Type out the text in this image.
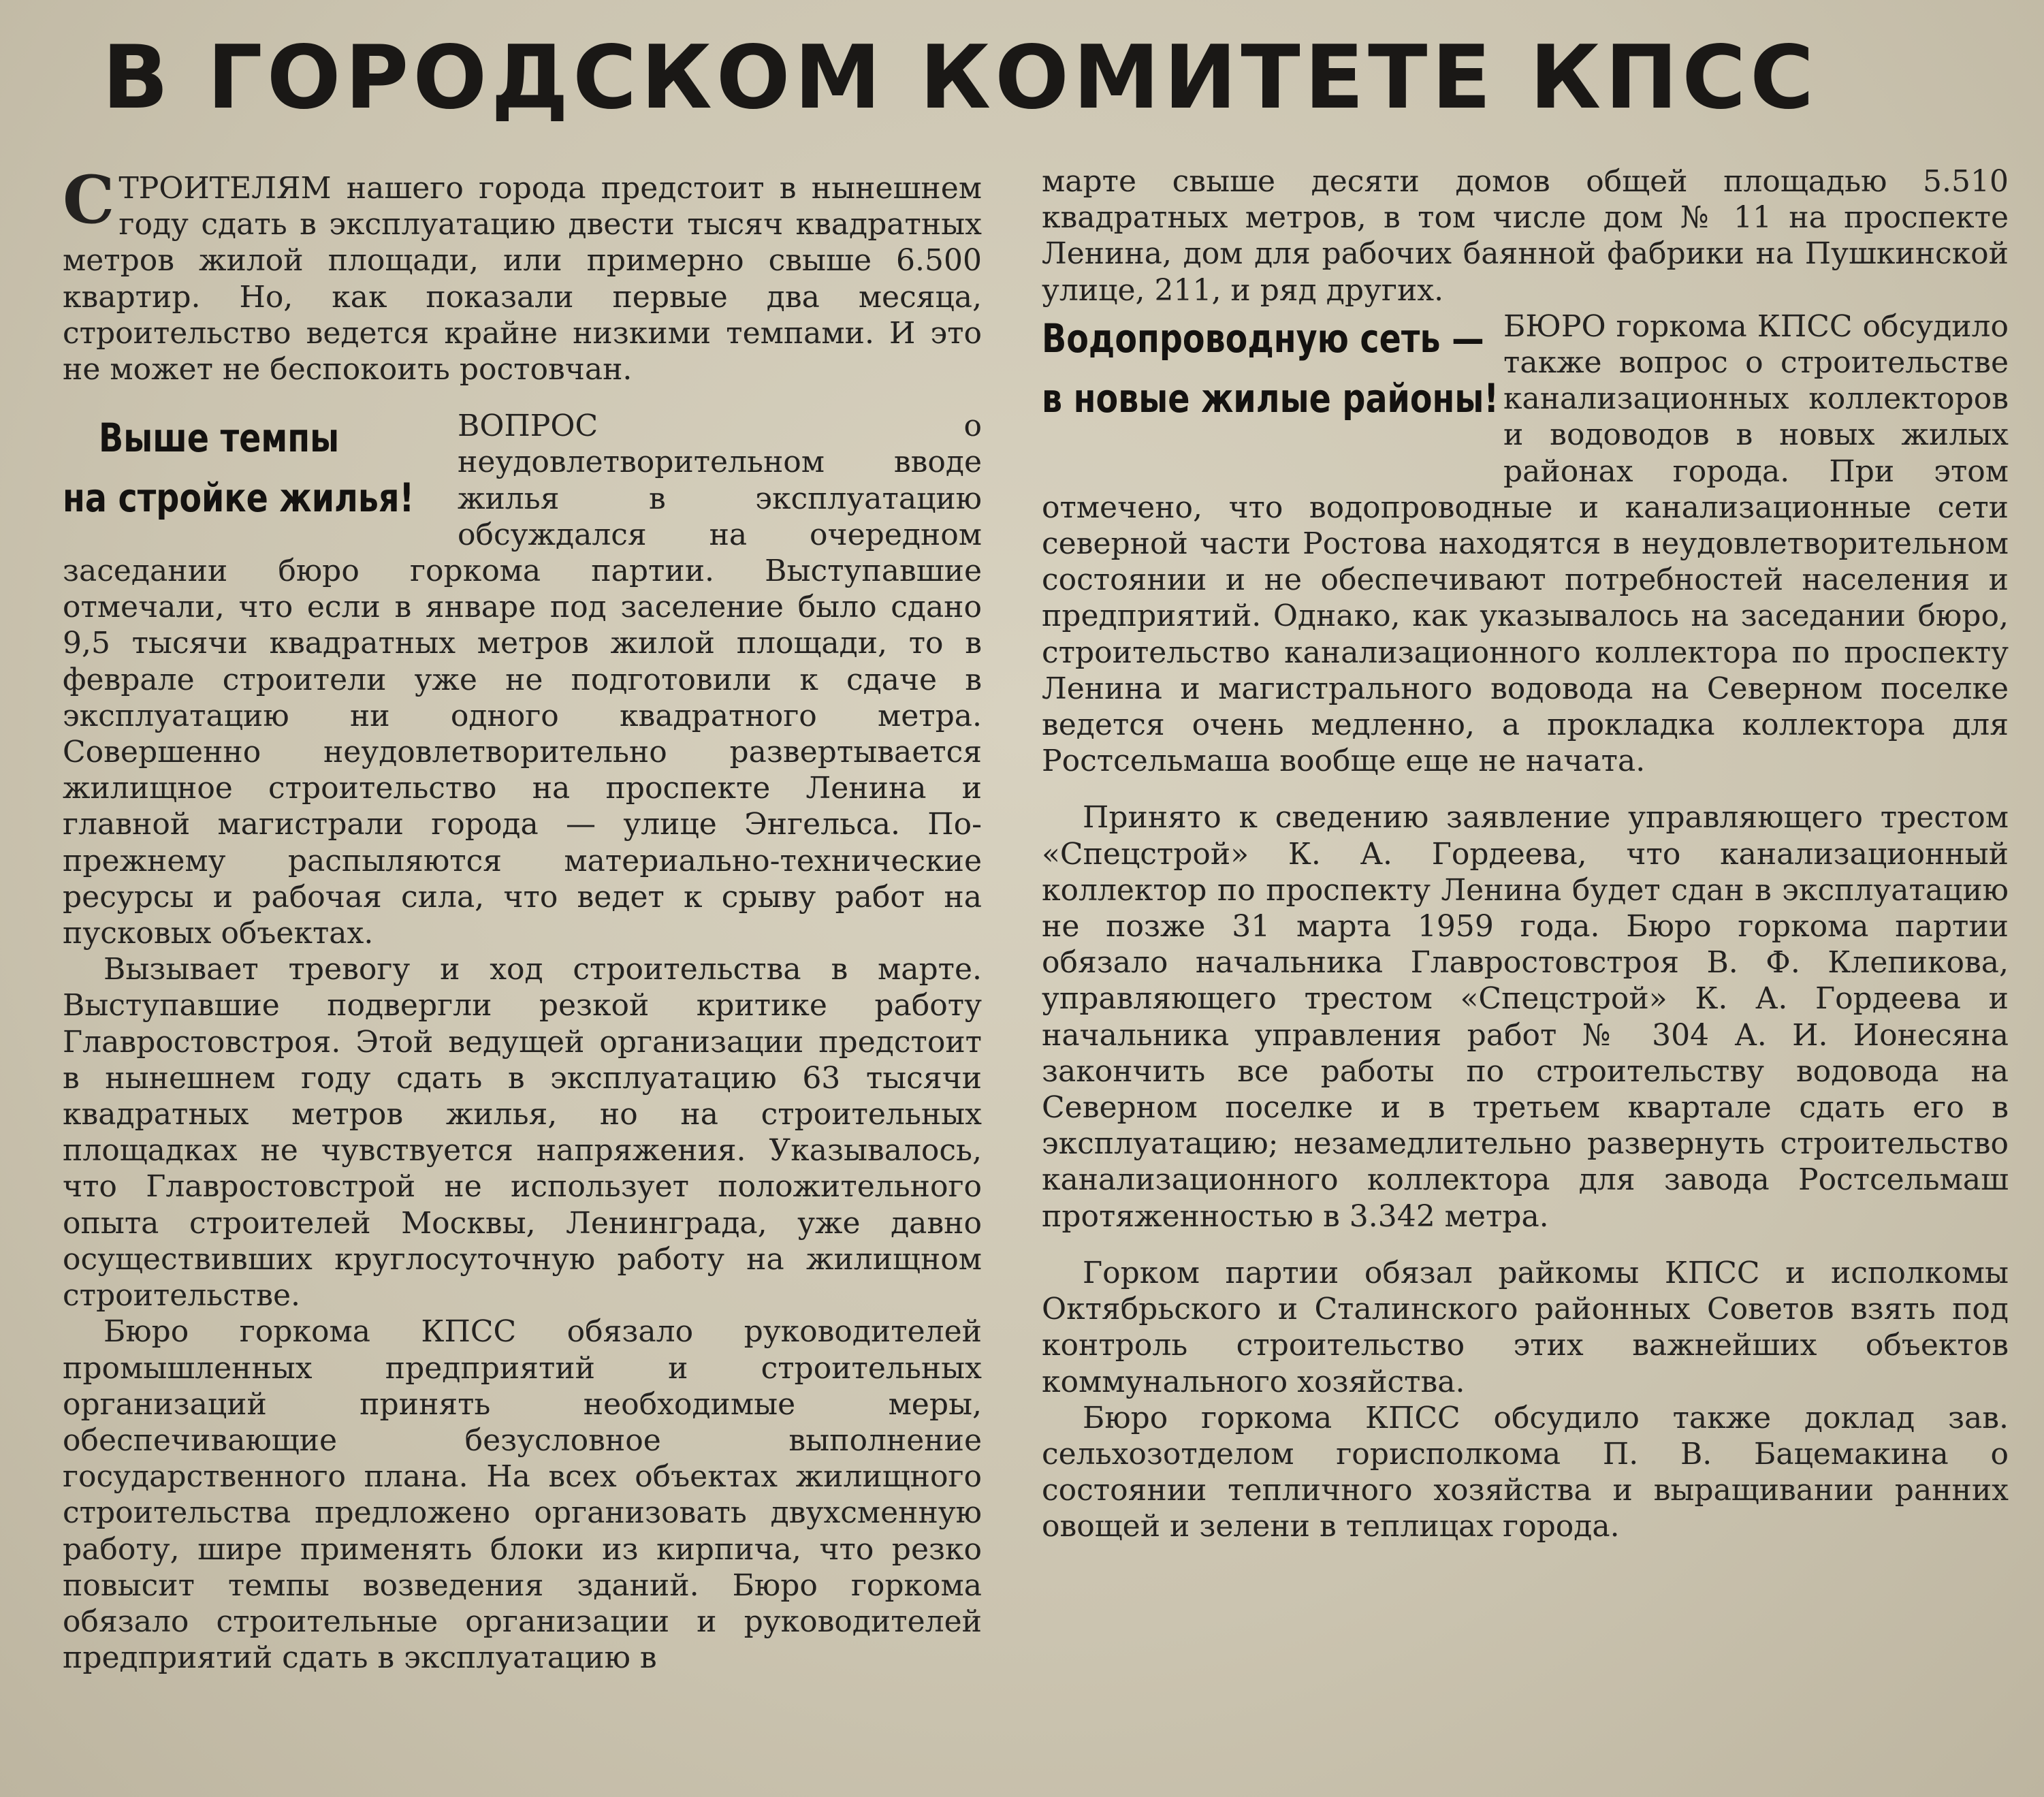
В ГОРОДСКОМ КОМИТЕТЕ КПСС

СТРОИТЕЛЯМ нашего города предстоит в нынешнем году сдать в эксплуатацию двести тысяч квадратных метров жилой площади, или примерно свыше 6.500 квартир. Но, как показали первые два месяца, строительство ведется крайне низкими темпами. И это не может не беспокоить ростовчан.

Выше темпы
на стройке жилья!
ВОПРОС о неудовлетворительном вводе жилья в эксплуатацию обсуждался на очередном заседании бюро горкома партии. Выступавшие отмечали, что если в январе под заселение было сдано 9,5 тысячи квадратных метров жилой площади, то в феврале строители уже не подготовили к сдаче в эксплуатацию ни одного квадратного метра. Совершенно неудовлетворительно развертывается жилищное строительство на проспекте Ленина и главной магистрали города — улице Энгельса. По-прежнему распыляются материально-технические ресурсы и рабочая сила, что ведет к срыву работ на пусковых объектах.

Вызывает тревогу и ход строительства в марте. Выступавшие подвергли резкой критике работу Главростовстроя. Этой ведущей организации предстоит в нынешнем году сдать в эксплуатацию 63 тысячи квадратных метров жилья, но на строительных площадках не чувствуется напряжения. Указывалось, что Главростовстрой не использует положительного опыта строителей Москвы, Ленинграда, уже давно осуществивших круглосуточную работу на жилищном строительстве.

Бюро горкома КПСС обязало руководителей промышленных предприятий и строительных организаций принять необходимые меры, обеспечивающие безусловное выполнение государственного плана. На всех объектах жилищного строительства предложено организовать двухсменную работу, шире применять блоки из кирпича, что резко повысит темпы возведения зданий. Бюро горкома обязало строительные организации и руководителей предприятий сдать в эксплуатацию в

марте свыше десяти домов общей площадью 5.510 квадратных метров, в том числе дом № 11 на проспекте Ленина, дом для рабочих баянной фабрики на Пушкинской улице, 211, и ряд других.

Водопроводную сеть —
в новые жилые районы!
БЮРО горкома КПСС обсудило также вопрос о строительстве канализационных коллекторов и водоводов в новых жилых районах города. При этом отмечено, что водопроводные и канализационные сети северной части Ростова находятся в неудовлетворительном состоянии и не обеспечивают потребностей населения и предприятий. Однако, как указывалось на заседании бюро, строительство канализационного коллектора по проспекту Ленина и магистрального водовода на Северном поселке ведется очень медленно, а прокладка коллектора для Ростсельмаша вообще еще не начата.

Принято к сведению заявление управляющего трестом «Спецстрой» К. А. Гордеева, что канализационный коллектор по проспекту Ленина будет сдан в эксплуатацию не позже 31 марта 1959 года. Бюро горкома партии обязало начальника Главростовстроя В. Ф. Клепикова, управляющего трестом «Спецстрой» К. А. Гордеева и начальника управления работ № 304 А. И. Ионесяна закончить все работы по строительству водовода на Северном поселке и в третьем квартале сдать его в эксплуатацию; незамедлительно развернуть строительство канализационного коллектора для завода Ростсельмаш протяженностью в 3.342 метра.

Горком партии обязал райкомы КПСС и исполкомы Октябрьского и Сталинского районных Советов взять под контроль строительство этих важнейших объектов коммунального хозяйства.

Бюро горкома КПСС обсудило также доклад зав. сельхозотделом горисполкома П. В. Бацемакина о состоянии тепличного хозяйства и выращивании ранних овощей и зелени в теплицах города.
